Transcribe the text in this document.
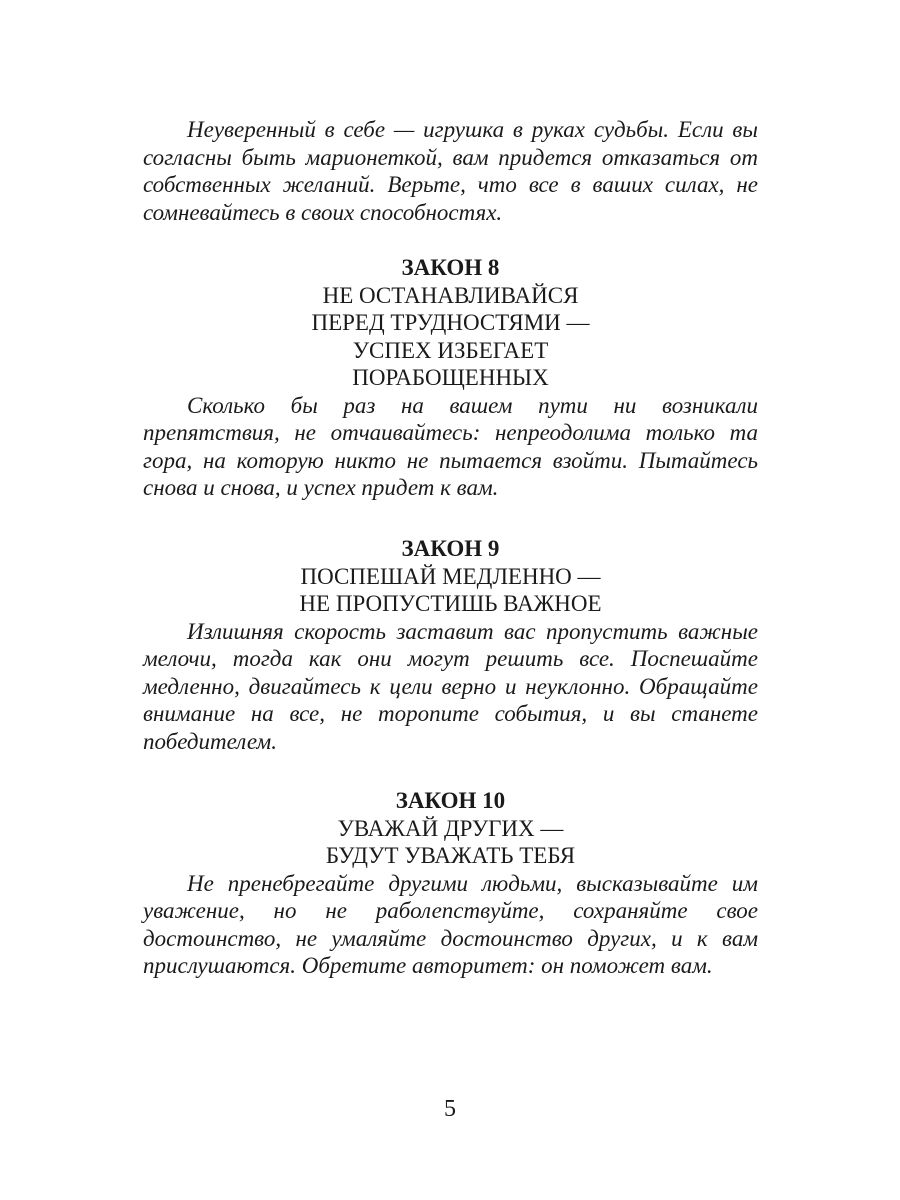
Неуверенный в себе — игрушка в руках судьбы. Если вы согласны быть марионеткой, вам придется отказаться от собственных желаний. Верьте, что все в ваших силах, не сомневайтесь в своих способностях.

ЗАКОН 8

НЕ ОСТАНАВЛИВАЙСЯ
ПЕРЕД ТРУДНОСТЯМИ —
УСПЕХ ИЗБЕГАЕТ
ПОРАБОЩЕННЫХ

Сколько бы раз на вашем пути ни возникали препятствия, не отчаивайтесь: непреодолима только та гора, на которую никто не пытается взойти. Пытайтесь снова и снова, и успех придет к вам.

ЗАКОН 9

ПОСПЕШАЙ МЕДЛЕННО —
НЕ ПРОПУСТИШЬ ВАЖНОЕ

Излишняя скорость заставит вас пропустить важные мелочи, тогда как они могут решить все. Поспешайте медленно, двигайтесь к цели верно и неуклонно. Обращайте внимание на все, не торопите события, и вы станете победителем.

ЗАКОН 10

УВАЖАЙ ДРУГИХ —
БУДУТ УВАЖАТЬ ТЕБЯ

Не пренебрегайте другими людьми, высказывайте им уважение, но не раболепствуйте, сохраняйте свое достоинство, не умаляйте достоинство других, и к вам прислушаются. Обретите авторитет: он поможет вам.

5
